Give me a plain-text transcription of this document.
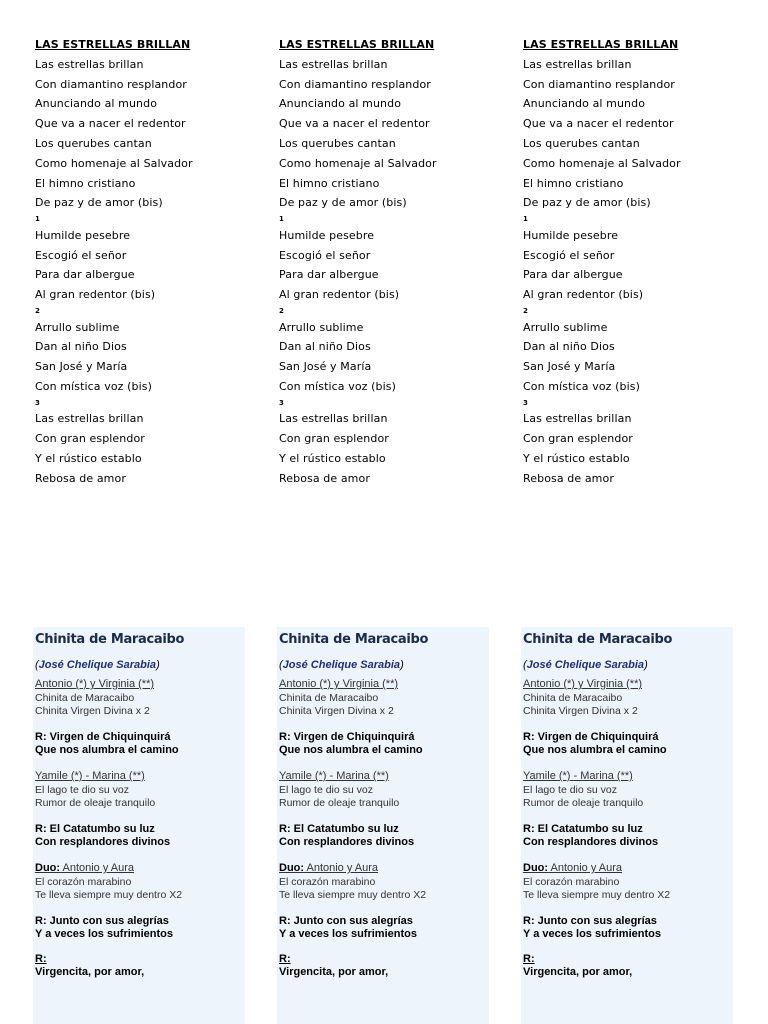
LAS ESTRELLAS BRILLAN
Las estrellas brillan
Con diamantino resplandor
Anunciando al mundo
Que va a nacer el redentor
Los querubes cantan
Como homenaje al Salvador
El himno cristiano
De paz y de amor (bis)
1
Humilde pesebre
Escogió el señor
Para dar albergue
Al gran redentor (bis)
2
Arrullo sublime
Dan al niño Dios
San José y María
Con mística voz (bis)
3
Las estrellas brillan
Con gran esplendor
Y el rústico establo
Rebosa de amor
LAS ESTRELLAS BRILLAN
Las estrellas brillan
Con diamantino resplandor
Anunciando al mundo
Que va a nacer el redentor
Los querubes cantan
Como homenaje al Salvador
El himno cristiano
De paz y de amor (bis)
1
Humilde pesebre
Escogió el señor
Para dar albergue
Al gran redentor (bis)
2
Arrullo sublime
Dan al niño Dios
San José y María
Con mística voz (bis)
3
Las estrellas brillan
Con gran esplendor
Y el rústico establo
Rebosa de amor
LAS ESTRELLAS BRILLAN
Las estrellas brillan
Con diamantino resplandor
Anunciando al mundo
Que va a nacer el redentor
Los querubes cantan
Como homenaje al Salvador
El himno cristiano
De paz y de amor (bis)
1
Humilde pesebre
Escogió el señor
Para dar albergue
Al gran redentor (bis)
2
Arrullo sublime
Dan al niño Dios
San José y María
Con mística voz (bis)
3
Las estrellas brillan
Con gran esplendor
Y el rústico establo
Rebosa de amor
Chinita de Maracaibo
(José Chelique Sarabia)
Antonio (*) y Virginia (**)
Chinita de Maracaibo
Chinita Virgen Divina x 2
R: Virgen de Chiquinquirá
Que nos alumbra el camino
Yamile (*) - Marina (**)
El lago te dio su voz
Rumor de oleaje tranquilo
R: El Catatumbo su luz
Con resplandores divinos
Duo: Antonio y Aura
El corazón marabino
Te lleva siempre muy dentro X2
R: Junto con sus alegrías
Y a veces los sufrimientos
R:
Virgencita, por amor,
Chinita de Maracaibo
(José Chelique Sarabia)
Antonio (*) y Virginia (**)
Chinita de Maracaibo
Chinita Virgen Divina x 2
R: Virgen de Chiquinquirá
Que nos alumbra el camino
Yamile (*) - Marina (**)
El lago te dio su voz
Rumor de oleaje tranquilo
R: El Catatumbo su luz
Con resplandores divinos
Duo: Antonio y Aura
El corazón marabino
Te lleva siempre muy dentro X2
R: Junto con sus alegrías
Y a veces los sufrimientos
R:
Virgencita, por amor,
Chinita de Maracaibo
(José Chelique Sarabia)
Antonio (*) y Virginia (**)
Chinita de Maracaibo
Chinita Virgen Divina x 2
R: Virgen de Chiquinquirá
Que nos alumbra el camino
Yamile (*) - Marina (**)
El lago te dio su voz
Rumor de oleaje tranquilo
R: El Catatumbo su luz
Con resplandores divinos
Duo: Antonio y Aura
El corazón marabino
Te lleva siempre muy dentro X2
R: Junto con sus alegrías
Y a veces los sufrimientos
R:
Virgencita, por amor,
